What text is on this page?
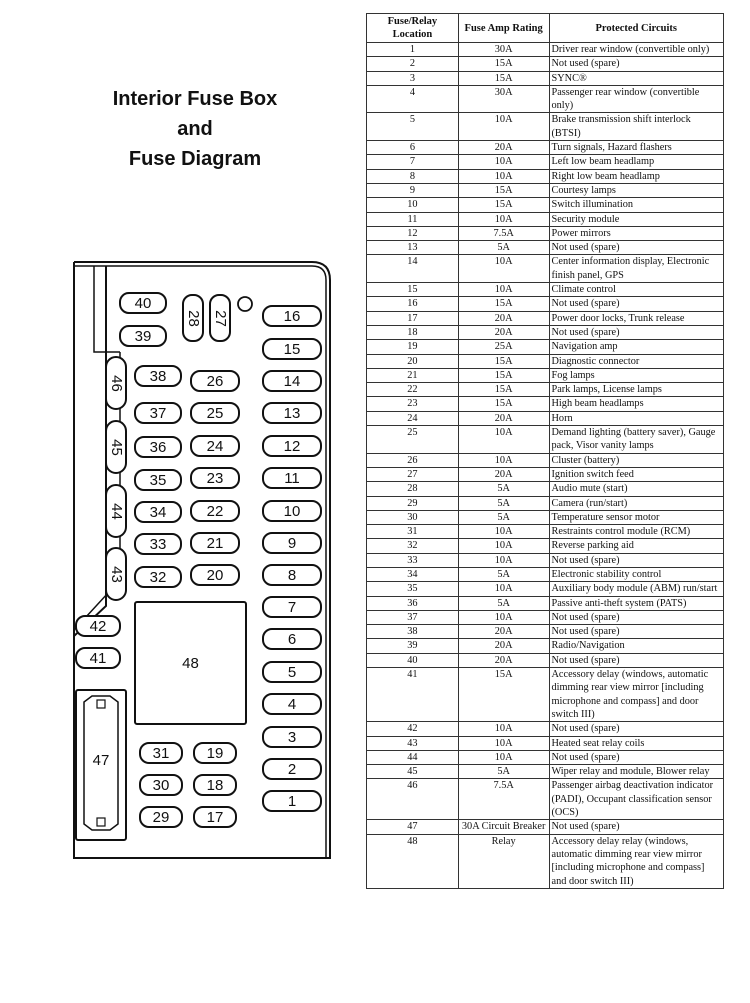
Interior Fuse Box
and
Fuse Diagram
16
15
14
13
12
11
10
9
8
7
6
5
4
3
2
1
26
25
24
23
22
21
20
38
37
36
35
34
33
32
40
39
28 27
46
45
44
43
42
41	48
47	31
30
29
19
18
17
Fuse/Relay Location	Fuse Amp Rating	Protected Circuits
1	30A	Driver rear window (convertible only)
2	15A	Not used (spare)
3	15A	SYNC®
4	30A	Passenger rear window (convertible only)
5	10A	Brake transmission shift interlock (BTSI)
6	20A	Turn signals, Hazard flashers
7	10A	Left low beam headlamp
8	10A	Right low beam headlamp
9	15A	Courtesy lamps
10	15A	Switch illumination
11	10A	Security module
12	7.5A	Power mirrors
13	5A	Not used (spare)
14	10A	Center information display, Electronic finish panel, GPS
15	10A	Climate control
16	15A	Not used (spare)
17	20A	Power door locks, Trunk release
18	20A	Not used (spare)
19	25A	Navigation amp
20	15A	Diagnostic connector
21	15A	Fog lamps
22	15A	Park lamps, License lamps
23	15A	High beam headlamps
24	20A	Horn
25	10A	Demand lighting (battery saver), Gauge pack, Visor vanity lamps
26	10A	Cluster (battery)
27	20A	Ignition switch feed
28	5A	Audio mute (start)
29	5A	Camera (run/start)
30	5A	Temperature sensor motor
31	10A	Restraints control module (RCM)
32	10A	Reverse parking aid
33	10A	Not used (spare)
34	5A	Electronic stability control
35	10A	Auxiliary body module (ABM) run/start
36	5A	Passive anti-theft system (PATS)
37	10A	Not used (spare)
38	20A	Not used (spare)
39	20A	Radio/Navigation
40	20A	Not used (spare)
41	15A	Accessory delay (windows, automatic dimming rear view mirror [including microphone and compass] and door switch III)
42	10A	Not used (spare)
43	10A	Heated seat relay coils
44	10A	Not used (spare)
45	5A	Wiper relay and module, Blower relay
46	7.5A	Passenger airbag deactivation indicator (PADI), Occupant classification sensor (OCS)
47	30A Circuit Breaker	Not used (spare)
48	Relay	Accessory delay relay (windows, automatic dimming rear view mirror [including microphone and compass] and door switch III)
